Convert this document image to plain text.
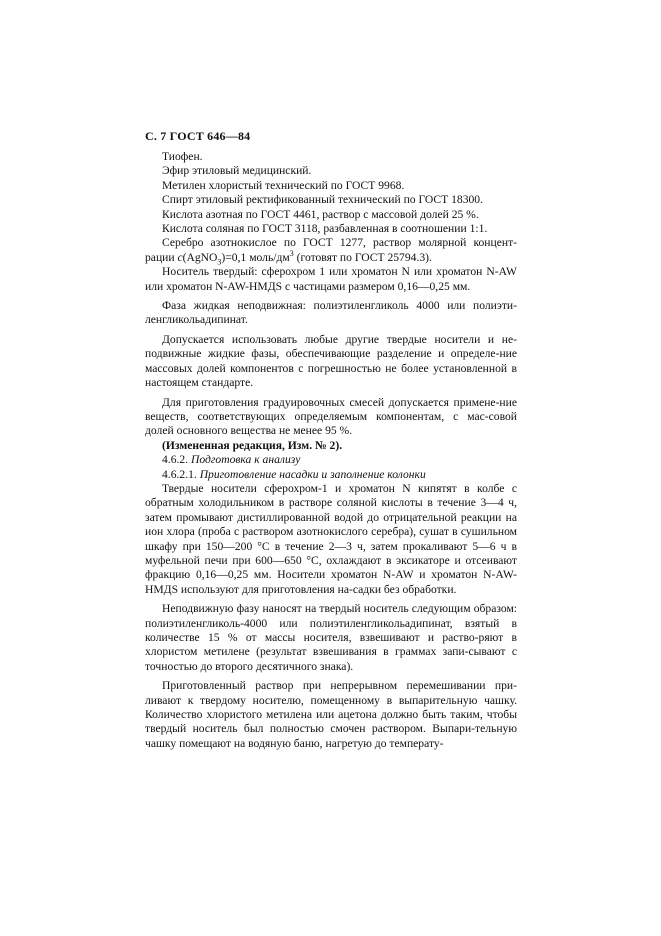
С. 7 ГОСТ 646—84

Тиофен.

Эфир этиловый медицинский.

Метилен хлористый технический по ГОСТ 9968.

Спирт этиловый ректификованный технический по ГОСТ 18300.

Кислота азотная по ГОСТ 4461, раствор с массовой долей 25 %.

Кислота соляная по ГОСТ 3118, разбавленная в соотношении 1:1.

Серебро азотнокислое по ГОСТ 1277, раствор молярной концент-рации c(AgNO$_3$)=0,1 моль/$дм^3$ (готовят по ГОСТ 25794.3).

Носитель твердый: сферохром 1 или хроматон N или хроматон N-AW или хроматон N-AW-HMДS с частицами размером 0,16—0,25 мм.

Фаза жидкая неподвижная: полиэтиленгликоль 4000 или полиэти-ленгликольадипинат.

Допускается использовать любые другие твердые носители и не-подвижные жидкие фазы, обеспечивающие разделение и определе-ние массовых долей компонентов с погрешностью не более установленной в настоящем стандарте.

Для приготовления градуировочных смесей допускается примене-ние веществ, соответствующих определяемым компонентам, с мас-совой долей основного вещества не менее 95 %.

(Измененная редакция, Изм. № 2).

4.6.2. Подготовка к анализу

4.6.2.1. Приготовление насадки и заполнение колонки

Твердые носители сферохром-1 и хроматон N кипятят в колбе с обратным холодильником в растворе соляной кислоты в течение 3—4 ч, затем промывают дистиллированной водой до отрицательной реакции на ион хлора (проба с раствором азотнокислого серебра), сушат в сушильном шкафу при 150—200 °C в течение 2—3 ч, затем прокаливают 5—6 ч в муфельной печи при 600—650 °C, охлаждают в эксикаторе и отсеивают фракцию 0,16—0,25 мм. Носители хроматон N-AW и хроматон N-AW-HMДS используют для приготовления на-садки без обработки.

Неподвижную фазу наносят на твердый носитель следующим образом: полиэтиленгликоль-4000 или полиэтиленгликольадипинат, взятый в количестве 15 % от массы носителя, взвешивают и раство-ряют в хлористом метилене (результат взвешивания в граммах запи-сывают с точностью до второго десятичного знака).

Приготовленный раствор при непрерывном перемешивании при-ливают к твердому носителю, помещенному в выпарительную чашку. Количество хлористого метилена или ацетона должно быть таким, чтобы твердый носитель был полностью смочен раствором. Выпари-тельную чашку помещают на водяную баню, нагретую до температу-
